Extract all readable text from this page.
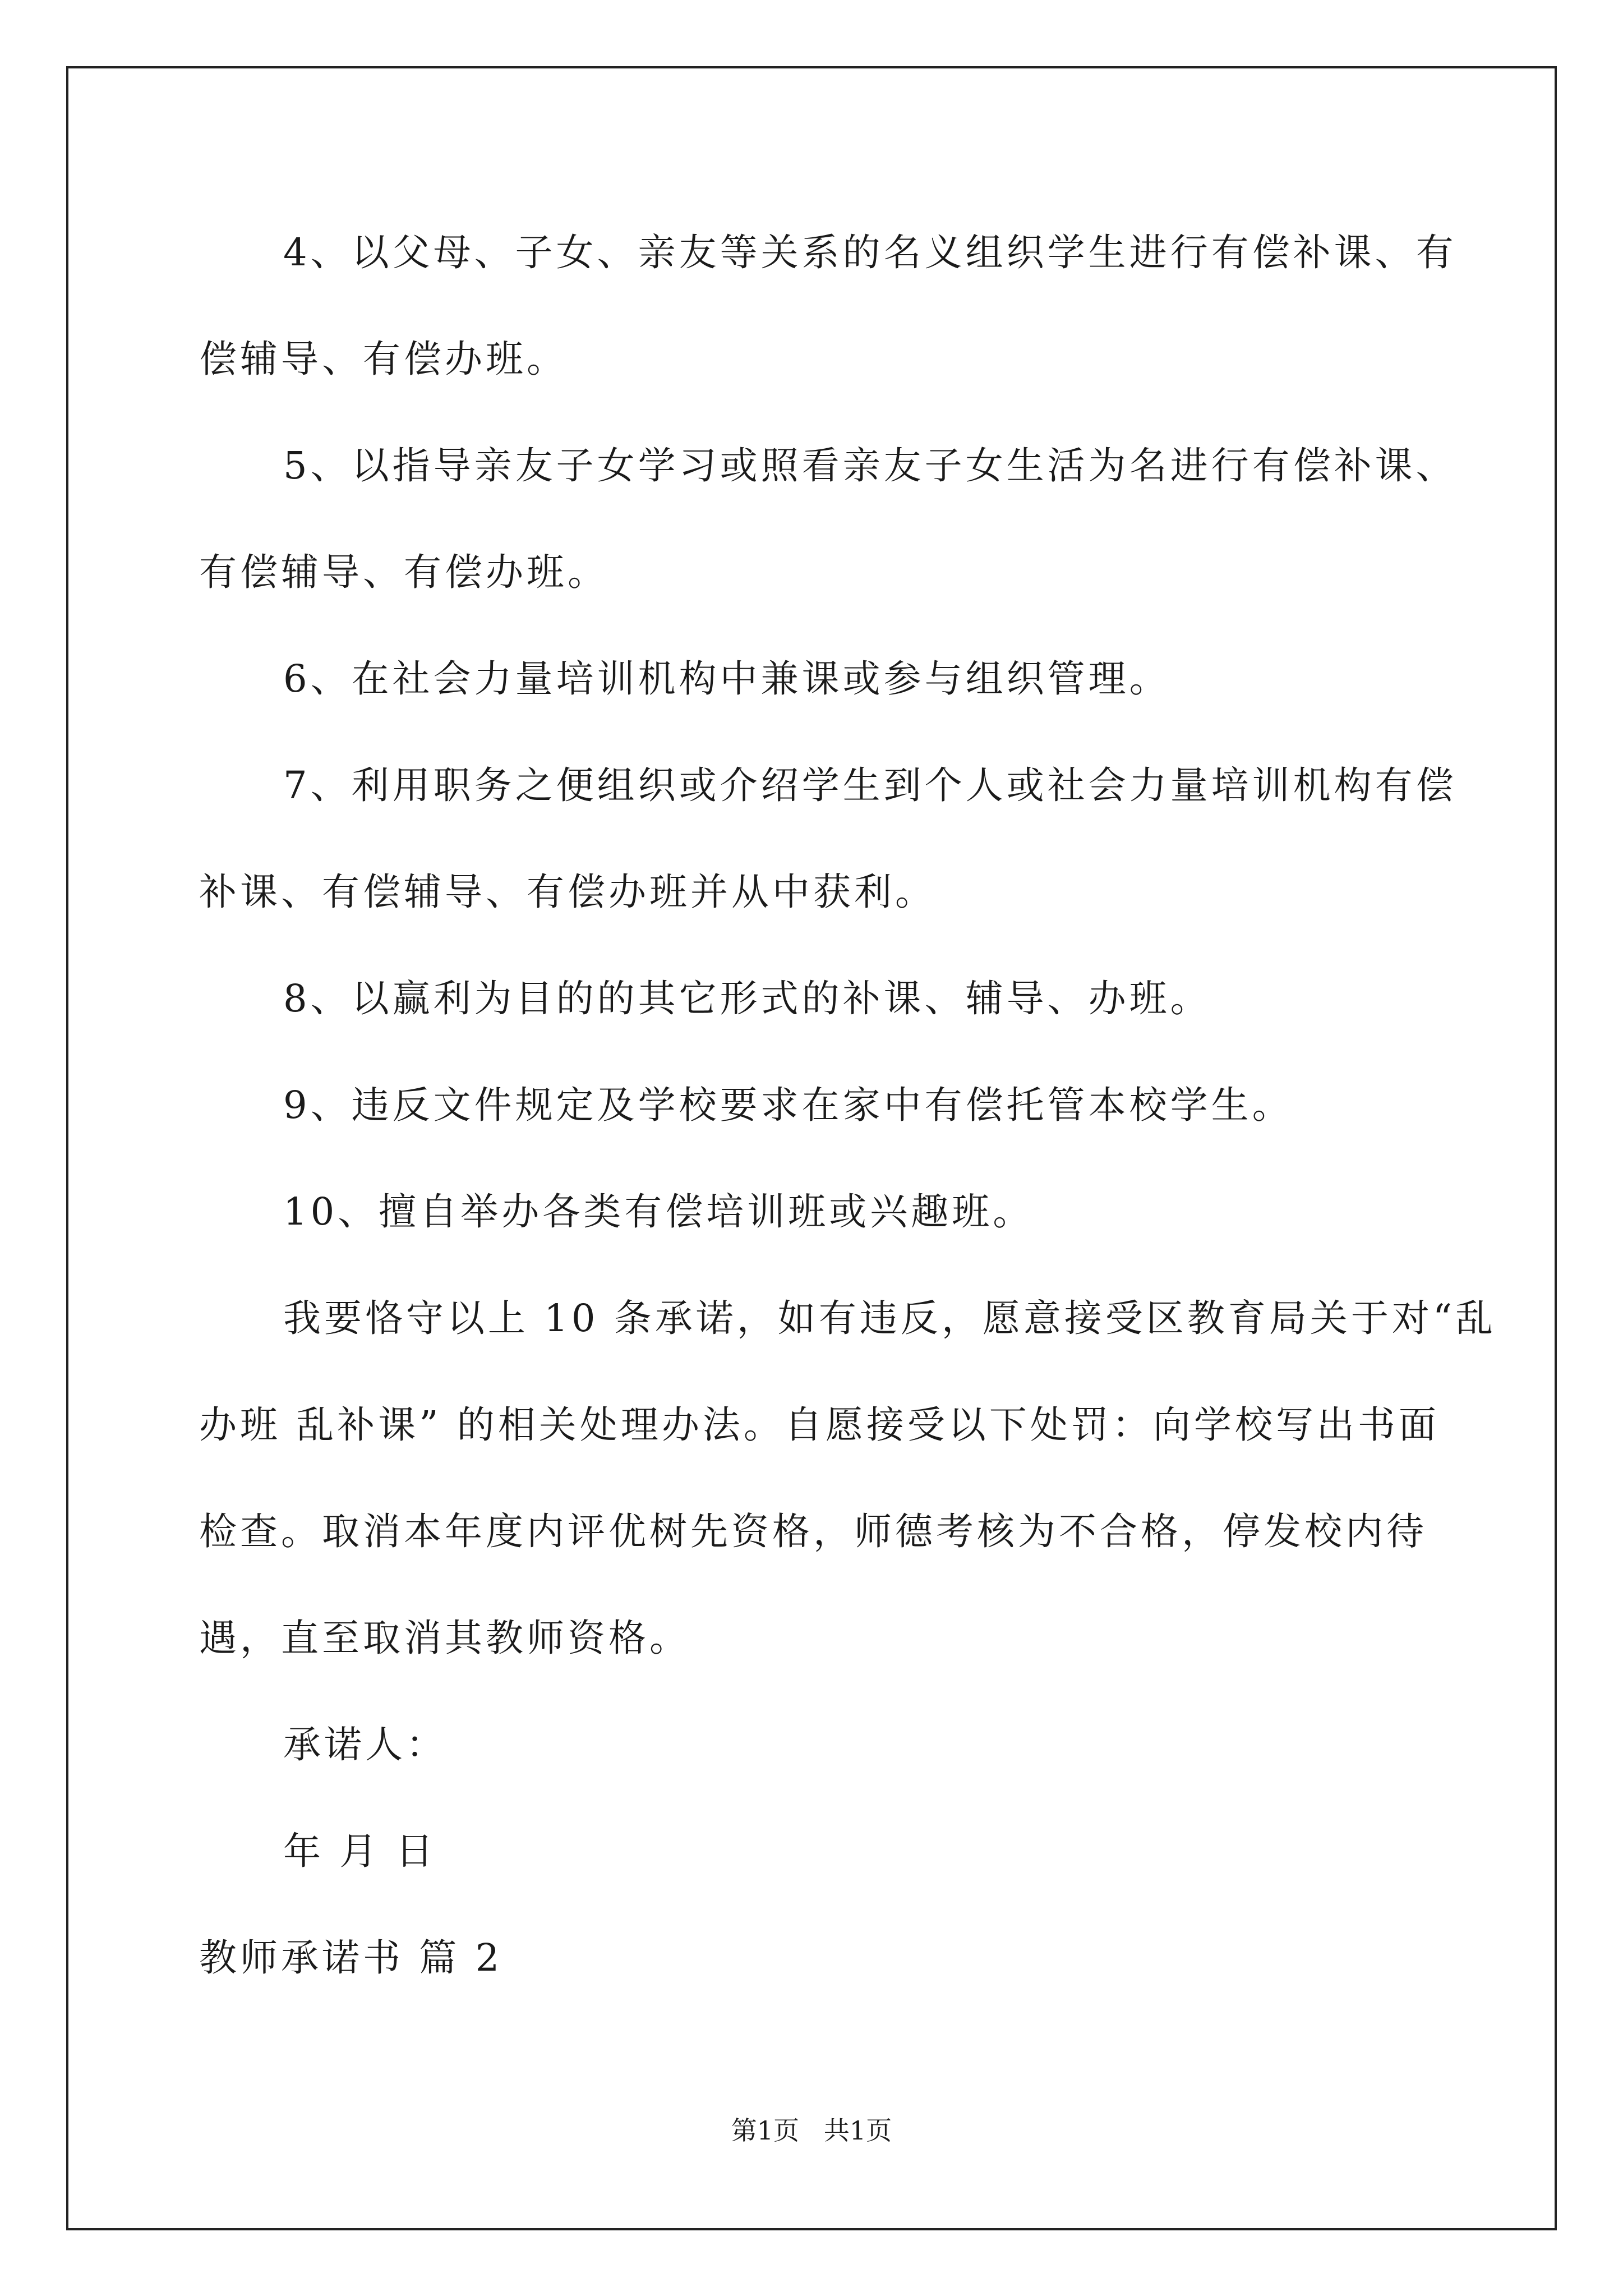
4、以父母、子女、亲友等关系的名义组织学生进行有偿补课、有
偿辅导、有偿办班。
5、以指导亲友子女学习或照看亲友子女生活为名进行有偿补课、
有偿辅导、有偿办班。
6、在社会力量培训机构中兼课或参与组织管理。
7、利用职务之便组织或介绍学生到个人或社会力量培训机构有偿
补课、有偿辅导、有偿办班并从中获利。
8、以赢利为目的的其它形式的补课、辅导、办班。
9、违反文件规定及学校要求在家中有偿托管本校学生。
10、擅自举办各类有偿培训班或兴趣班。
我要恪守以上 10 条承诺，如有违反，愿意接受区教育局关于对“乱
办班 乱补课” 的相关处理办法。自愿接受以下处罚：向学校写出书面
检查。取消本年度内评优树先资格，师德考核为不合格，停发校内待
遇，直至取消其教师资格。
承诺人：
年 月 日
教师承诺书 篇 2
第1页   共1页
